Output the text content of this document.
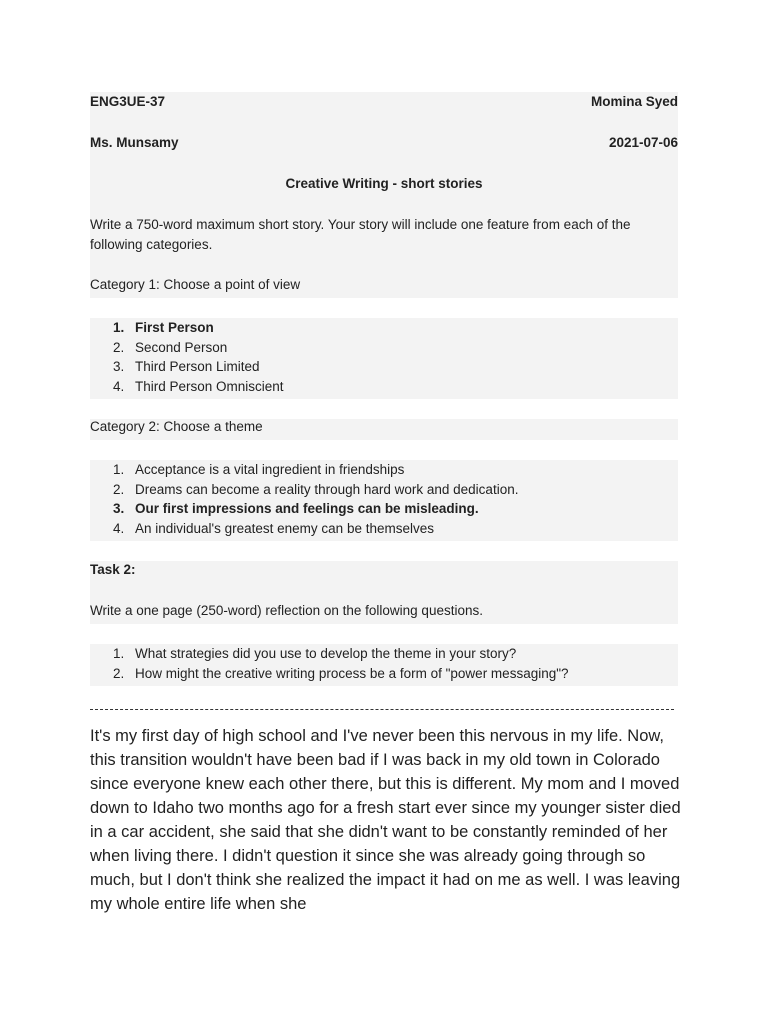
ENG3UE-37	Momina Syed
Ms. Munsamy	2021-07-06
Creative Writing - short stories
Write a 750-word maximum short story. Your story will include one feature from each of the following categories.
Category 1: Choose a point of view
1. First Person
2. Second Person
3. Third Person Limited
4. Third Person Omniscient
Category 2: Choose a theme
1. Acceptance is a vital ingredient in friendships
2. Dreams can become a reality through hard work and dedication.
3. Our first impressions and feelings can be misleading.
4. An individual's greatest enemy can be themselves
Task 2:
Write a one page (250-word) reflection on the following questions.
1. What strategies did you use to develop the theme in your story?
2. How might the creative writing process be a form of "power messaging"?
It's my first day of high school and I've never been this nervous in my life. Now, this transition wouldn't have been bad if I was back in my old town in Colorado since everyone knew each other there, but this is different. My mom and I moved down to Idaho two months ago for a fresh start ever since my younger sister died in a car accident, she said that she didn't want to be constantly reminded of her when living there. I didn't question it since she was already going through so much, but I don't think she realized the impact it had on me as well. I was leaving my whole entire life when she
